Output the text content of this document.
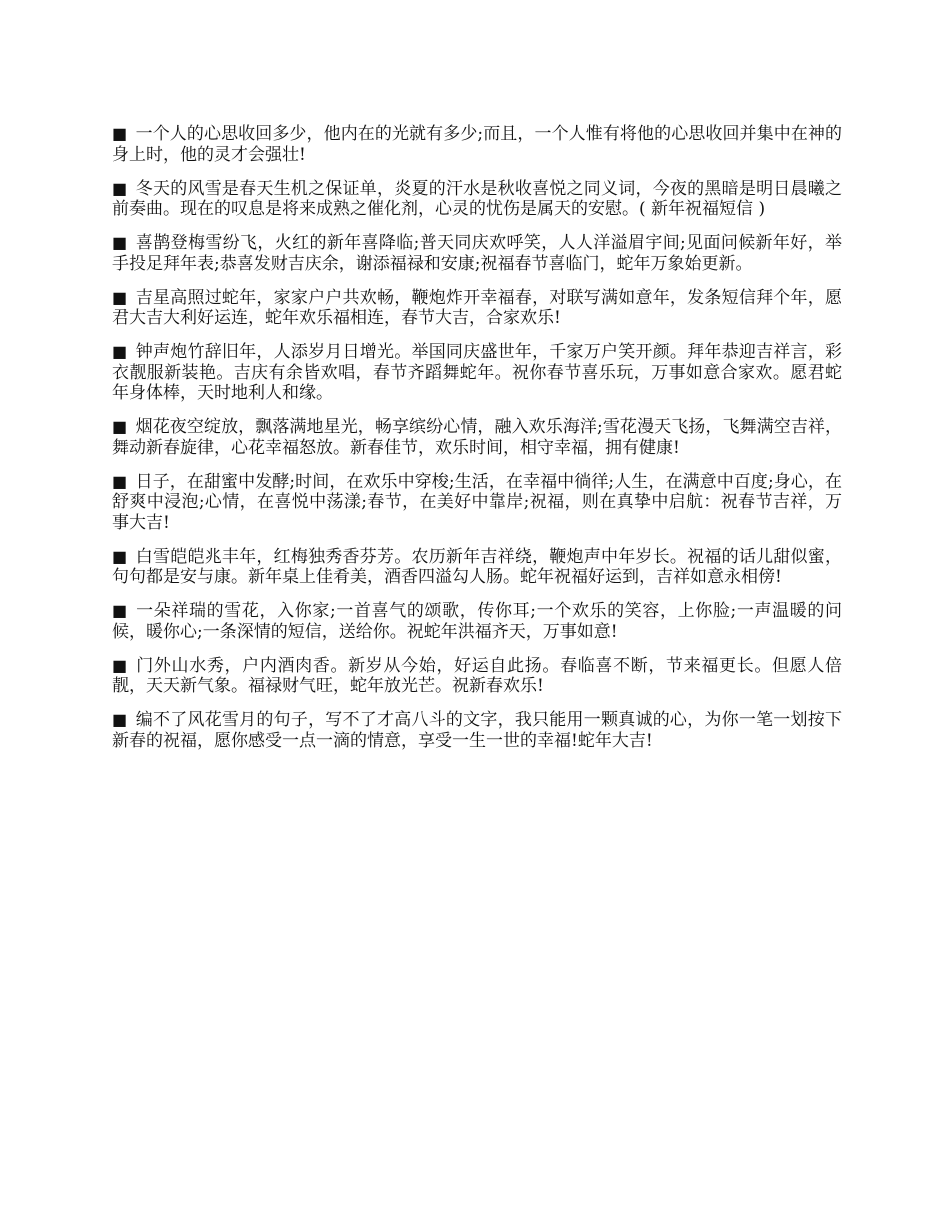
■ 一个人的心思收回多少，他内在的光就有多少;而且，一个人惟有将他的心思收回并集中在神的身上时，他的灵才会强壮!

■ 冬天的风雪是春天生机之保证单，炎夏的汗水是秋收喜悦之同义词，今夜的黑暗是明日晨曦之前奏曲。现在的叹息是将来成熟之催化剂，心灵的忧伤是属天的安慰。( 新年祝福短信 )

■ 喜鹊登梅雪纷飞，火红的新年喜降临;普天同庆欢呼笑，人人洋溢眉宇间;见面问候新年好，举手投足拜年表;恭喜发财吉庆余，谢添福禄和安康;祝福春节喜临门，蛇年万象始更新。

■ 吉星高照过蛇年，家家户户共欢畅，鞭炮炸开幸福春，对联写满如意年，发条短信拜个年，愿君大吉大利好运连，蛇年欢乐福相连，春节大吉，合家欢乐!

■ 钟声炮竹辞旧年，人添岁月日增光。举国同庆盛世年，千家万户笑开颜。拜年恭迎吉祥言，彩衣靓服新装艳。吉庆有余皆欢唱，春节齐蹈舞蛇年。祝你春节喜乐玩，万事如意合家欢。愿君蛇年身体棒，天时地利人和缘。

■ 烟花夜空绽放，飘落满地星光，畅享缤纷心情，融入欢乐海洋;雪花漫天飞扬，飞舞满空吉祥，舞动新春旋律，心花幸福怒放。新春佳节，欢乐时间，相守幸福，拥有健康!

■ 日子，在甜蜜中发酵;时间，在欢乐中穿梭;生活，在幸福中徜徉;人生，在满意中百度;身心，在舒爽中浸泡;心情，在喜悦中荡漾;春节，在美好中靠岸;祝福，则在真挚中启航：祝春节吉祥，万事大吉!

■ 白雪皑皑兆丰年，红梅独秀香芬芳。农历新年吉祥绕，鞭炮声中年岁长。祝福的话儿甜似蜜，句句都是安与康。新年桌上佳肴美，酒香四溢勾人肠。蛇年祝福好运到，吉祥如意永相傍!

■ 一朵祥瑞的雪花，入你家;一首喜气的颂歌，传你耳;一个欢乐的笑容，上你脸;一声温暖的问候，暖你心;一条深情的短信，送给你。祝蛇年洪福齐天，万事如意!

■ 门外山水秀，户内酒肉香。新岁从今始，好运自此扬。春临喜不断，节来福更长。但愿人倍靓，天天新气象。福禄财气旺，蛇年放光芒。祝新春欢乐!

■ 编不了风花雪月的句子，写不了才高八斗的文字，我只能用一颗真诚的心，为你一笔一划按下新春的祝福，愿你感受一点一滴的情意，享受一生一世的幸福!蛇年大吉!
